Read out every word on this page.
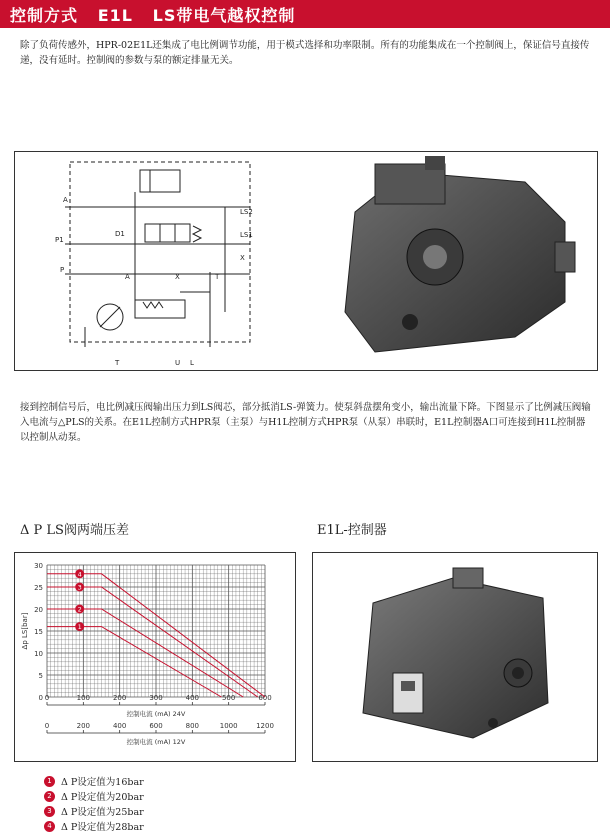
控制方式   E1L   LS带电气越权控制
除了负荷传感外，HPR-02E1L还集成了电比例调节功能，用于模式选择和功率限制。所有的功能集成在一个控制阀上，保证信号直接传递，没有延时。控制阀的参数与泵的额定排量无关。
A
P1
P
LS2
LS1
X
D1
A	X	T
T	U L
接到控制信号后，电比例减压阀输出压力到LS阀芯，部分抵消LS-弹簧力。使泵斜盘摆角变小，输出流量下降。下图显示了比例减压阀输入电流与△PLS的关系。在E1L控制方式HPR泵（主泵）与H1L控制方式HPR泵（从泵）串联时，E1L控制器A口可连接到H1L控制器以控制从动泵。
Δ P LS阀两端压差	E1L-控制器
0
5
10
15
20
25
30
Δp LS[bar]
0	100	200	300	400	500	600
控制电流 (mA) 24V
0	200	400	600	800	1000	1200
控制电流 (mA) 12V
1
2
3
4
1 Δ P设定值为16bar
2 Δ P设定值为20bar
3 Δ P设定值为25bar
4 Δ P设定值为28bar
